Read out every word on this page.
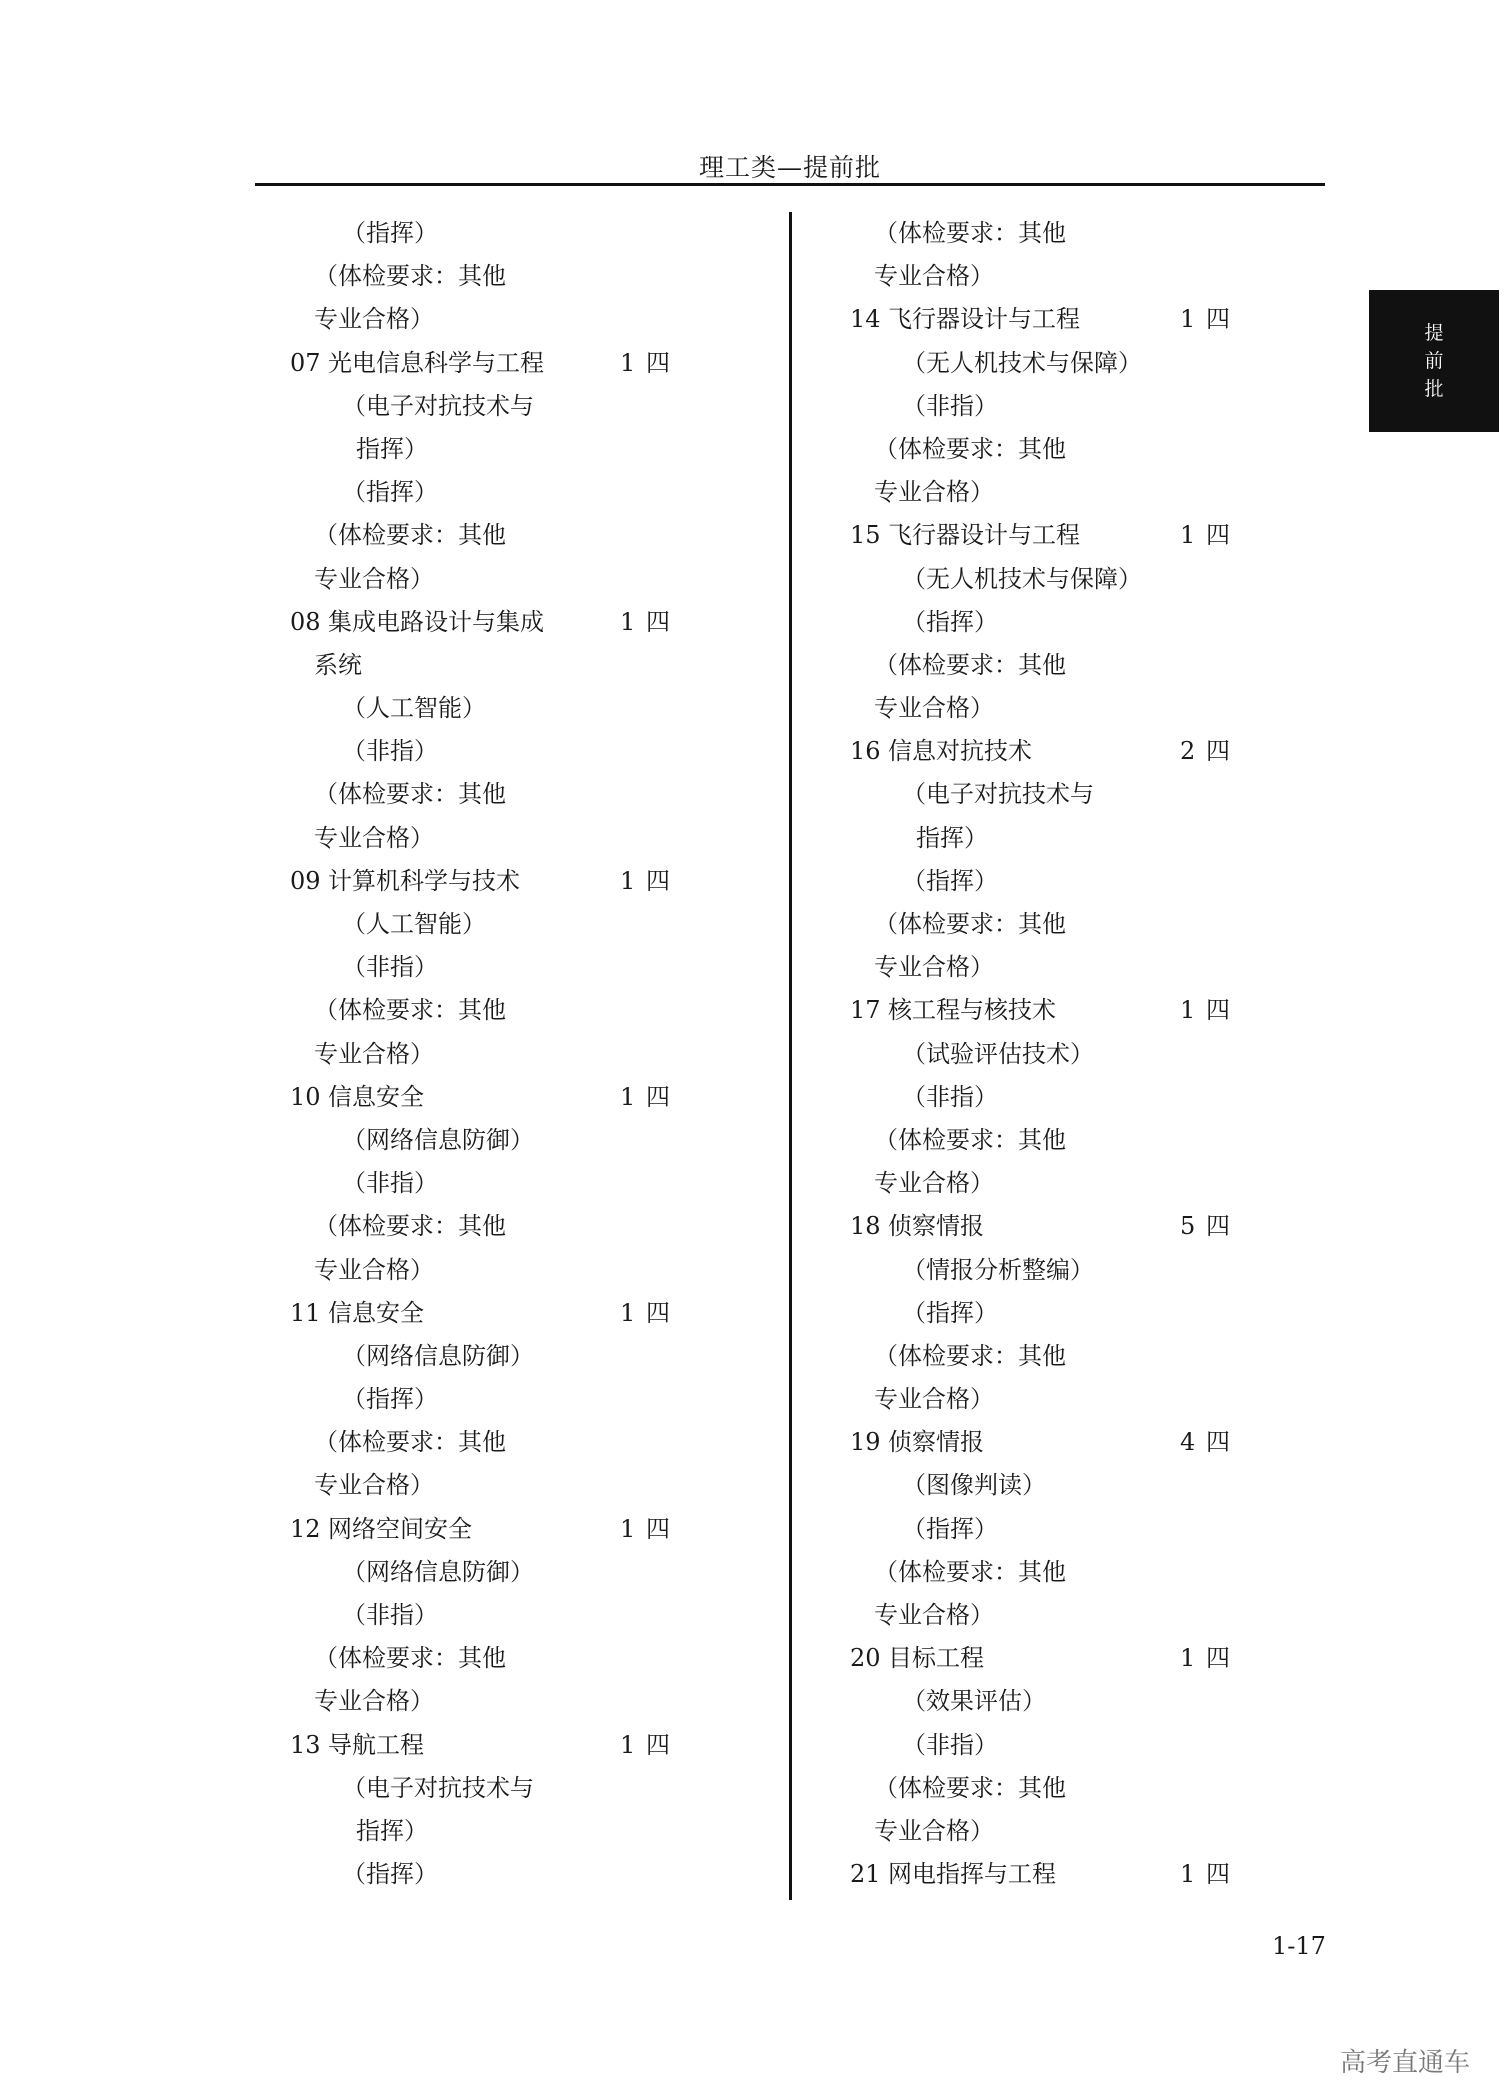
理工类—提前批
提前批
（指挥）
（体检要求：其他
专业合格）
07 光电信息科学与工程	1 四
（电子对抗技术与
指挥）
（指挥）
（体检要求：其他
专业合格）
08 集成电路设计与集成	1 四
系统
（人工智能）
（非指）
（体检要求：其他
专业合格）
09 计算机科学与技术	1 四
（人工智能）
（非指）
（体检要求：其他
专业合格）
10 信息安全	1 四
（网络信息防御）
（非指）
（体检要求：其他
专业合格）
11 信息安全	1 四
（网络信息防御）
（指挥）
（体检要求：其他
专业合格）
12 网络空间安全	1 四
（网络信息防御）
（非指）
（体检要求：其他
专业合格）
13 导航工程	1 四
（电子对抗技术与
指挥）
（指挥）
（体检要求：其他
专业合格）
14 飞行器设计与工程	1 四
（无人机技术与保障）
（非指）
（体检要求：其他
专业合格）
15 飞行器设计与工程	1 四
（无人机技术与保障）
（指挥）
（体检要求：其他
专业合格）
16 信息对抗技术	2 四
（电子对抗技术与
指挥）
（指挥）
（体检要求：其他
专业合格）
17 核工程与核技术	1 四
（试验评估技术）
（非指）
（体检要求：其他
专业合格）
18 侦察情报	5 四
（情报分析整编）
（指挥）
（体检要求：其他
专业合格）
19 侦察情报	4 四
（图像判读）
（指挥）
（体检要求：其他
专业合格）
20 目标工程	1 四
（效果评估）
（非指）
（体检要求：其他
专业合格）
21 网电指挥与工程	1 四
1-17
高考直通车
